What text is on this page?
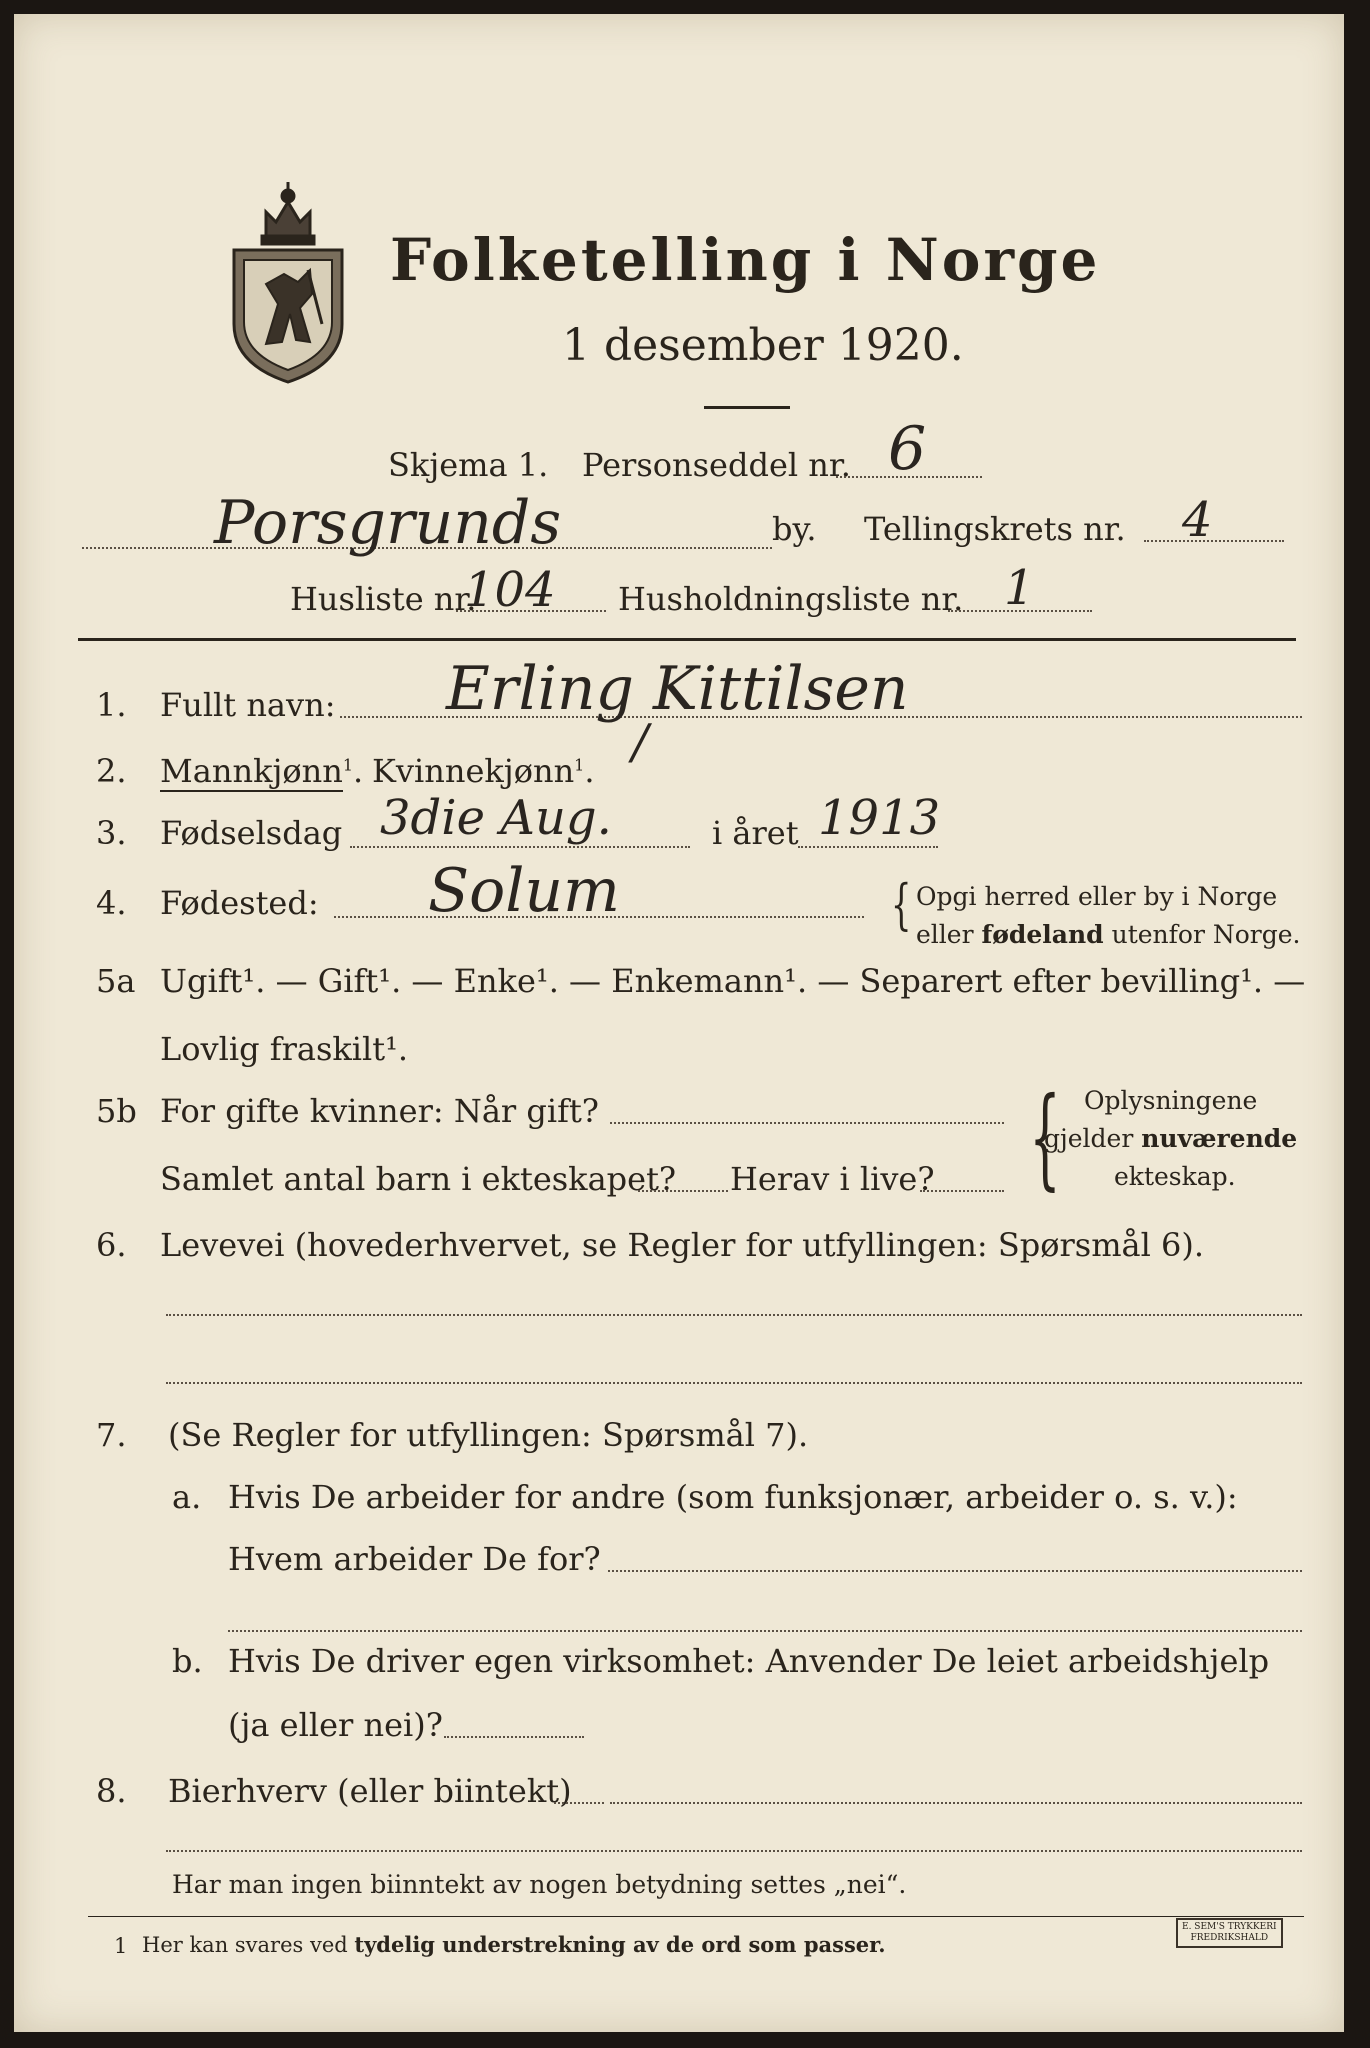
Folketelling i Norge
1 desember 1920.
Skjema 1. Personseddel nr. 6
Porsgrunds	by. Tellingskrets nr. 4
Husliste nr.
104 Husholdningsliste nr. 1
1. Fullt navn: Erling Kittilsen
2. Mannkjønn$^1$. Kvinnekjønn$^1$.
/
3. Fødselsdag 3die Aug.	i året 1913
4. Fødested: Solum	{ Opgi herred eller by i Norge
eller fødeland utenfor Norge.
5a Ugift¹. — Gift¹. — Enke¹. — Enkemann¹. — Separert efter bevilling¹. —
Lovlig fraskilt¹.
5b For gifte kvinner: Når gift?
Samlet antal barn i ekteskapet? Herav i live? { Oplysningene
gjelder nuværende
ekteskap.
6. Levevei (hovederhvervet, se Regler for utfyllingen: Spørsmål 6).
7. (Se Regler for utfyllingen: Spørsmål 7).
a. Hvis De arbeider for andre (som funksjonær, arbeider o. s. v.):
Hvem arbeider De for?
b. Hvis De driver egen virksomhet: Anvender De leiet arbeidshjelp
(ja eller nei)?
8. Bierhverv (eller biintekt)
Har man ingen biinntekt av nogen betydning settes „nei“.
1 Her kan svares ved tydelig understrekning av de ord som passer.
E. SEM'S TRYKKERI
FREDRIKSHALD
